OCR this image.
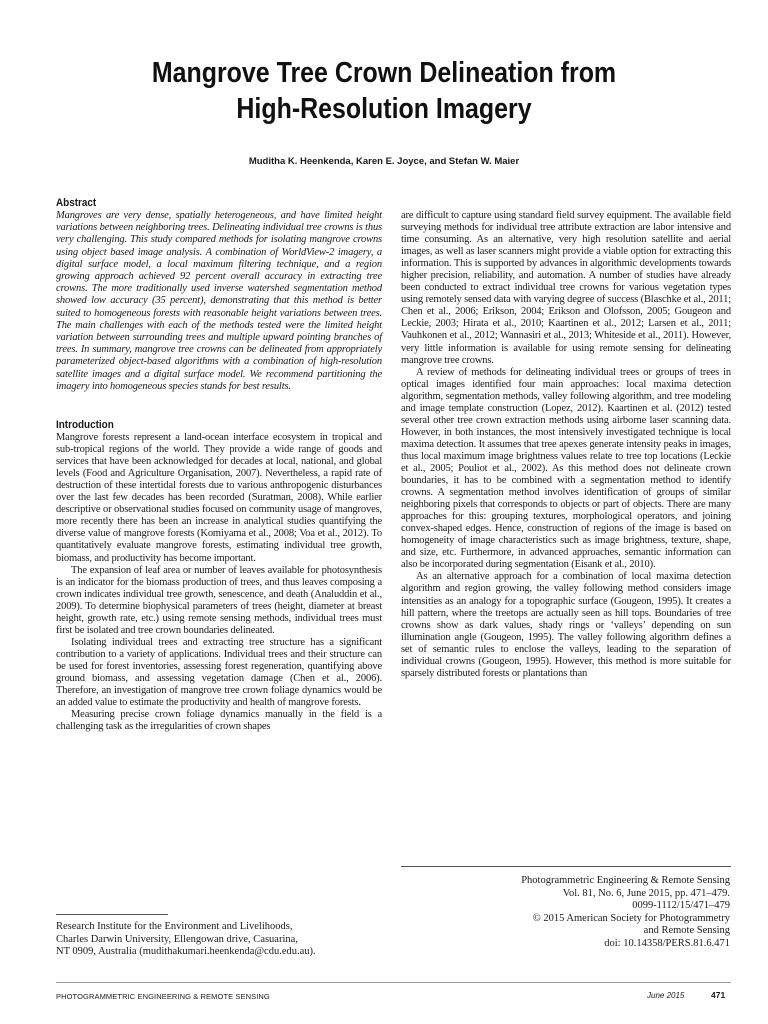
Mangrove Tree Crown Delineation from
High-Resolution Imagery
Muditha K. Heenkenda, Karen E. Joyce, and Stefan W. Maier
Abstract

Mangroves are very dense, spatially heterogeneous, and have limited height variations between neighboring trees. Delineating individual tree crowns is thus very challenging. This study compared methods for isolating mangrove crowns using object based image analysis. A combination of WorldView-2 imagery, a digital surface model, a local maximum filtering technique, and a region growing approach achieved 92 percent overall accuracy in extracting tree crowns. The more traditionally used inverse watershed segmentation method showed low accuracy (35 percent), demonstrating that this method is better suited to homogeneous forests with reasonable height variations between trees. The main challenges with each of the methods tested were the limited height variation between surrounding trees and multiple upward pointing branches of trees. In summary, mangrove tree crowns can be delineated from appropriately parameterized object-based algorithms with a combination of high-resolution satellite images and a digital surface model. We recommend partitioning the imagery into homogeneous species stands for best results.

Introduction

Mangrove forests represent a land-ocean interface ecosystem in tropical and sub-tropical regions of the world. They provide a wide range of goods and services that have been acknowledged for decades at local, national, and global levels (Food and Agriculture Organisation, 2007). Nevertheless, a rapid rate of destruction of these intertidal forests due to various anthropogenic disturbances over the last few decades has been recorded (Suratman, 2008). While earlier descriptive or observational studies focused on community usage of mangroves, more recently there has been an increase in analytical studies quantifying the diverse value of mangrove forests (Komiyama et al., 2008; Voa et al., 2012). To quantitatively evaluate mangrove forests, estimating individual tree growth, biomass, and productivity has become important.

The expansion of leaf area or number of leaves available for photosynthesis is an indicator for the biomass production of trees, and thus leaves composing a crown indicates individual tree growth, senescence, and death (Analuddin et al., 2009). To determine biophysical parameters of trees (height, diameter at breast height, growth rate, etc.) using remote sensing methods, individual trees must first be isolated and tree crown boundaries delineated.

Isolating individual trees and extracting tree structure has a significant contribution to a variety of applications. Individual trees and their structure can be used for forest inventories, assessing forest regeneration, quantifying above ground biomass, and assessing vegetation damage (Chen et al., 2006). Therefore, an investigation of mangrove tree crown foliage dynamics would be an added value to estimate the productivity and health of mangrove forests.

Measuring precise crown foliage dynamics manually in the field is a challenging task as the irregularities of crown shapes

are difficult to capture using standard field survey equipment. The available field surveying methods for individual tree attribute extraction are labor intensive and time consuming. As an alternative, very high resolution satellite and aerial images, as well as laser scanners might provide a viable option for extracting this information. This is supported by advances in algorithmic developments towards higher precision, reliability, and automation. A number of studies have already been conducted to extract individual tree crowns for various vegetation types using remotely sensed data with varying degree of success (Blaschke et al., 2011; Chen et al., 2006; Erikson, 2004; Erikson and Olofsson, 2005; Gougeon and Leckie, 2003; Hirata et al., 2010; Kaartinen et al., 2012; Larsen et al., 2011; Vauhkonen et al., 2012; Wannasiri et al., 2013; Whiteside et al., 2011). However, very little information is available for using remote sensing for delineating mangrove tree crowns.

A review of methods for delineating individual trees or groups of trees in optical images identified four main approaches: local maxima detection algorithm, segmentation methods, valley following algorithm, and tree modeling and image template construction (Lopez, 2012). Kaartinen et al. (2012) tested several other tree crown extraction methods using airborne laser scanning data. However, in both instances, the most intensively investigated technique is local maxima detection. It assumes that tree apexes generate intensity peaks in images, thus local maximum image brightness values relate to tree top locations (Leckie et al., 2005; Pouliot et al., 2002). As this method does not delineate crown boundaries, it has to be combined with a segmentation method to identify crowns. A segmentation method involves identification of groups of similar neighboring pixels that corresponds to objects or part of objects. There are many approaches for this: grouping textures, morphological operators, and joining convex-shaped edges. Hence, construction of regions of the image is based on homogeneity of image characteristics such as image brightness, texture, shape, and size, etc. Furthermore, in advanced approaches, semantic information can also be incorporated during segmentation (Eisank et al., 2010).

As an alternative approach for a combination of local maxima detection algorithm and region growing, the valley following method considers image intensities as an analogy for a topographic surface (Gougeon, 1995). It creates a hill pattern, where the treetops are actually seen as hill tops. Boundaries of tree crowns show as dark values, shady rings or ‘valleys’ depending on sun illumination angle (Gougeon, 1995). The valley following algorithm defines a set of semantic rules to enclose the valleys, leading to the separation of individual crowns (Gougeon, 1995). However, this method is more suitable for sparsely distributed forests or plantations than

Research Institute for the Environment and Livelihoods,
Charles Darwin University, Ellengowan drive, Casuarina,
NT 0909, Australia (mudithakumari.heenkenda@cdu.edu.au).
Photogrammetric Engineering & Remote Sensing
Vol. 81, No. 6, June 2015, pp. 471–479.
0099-1112/15/471–479
© 2015 American Society for Photogrammetry
and Remote Sensing
doi: 10.14358/PERS.81.6.471
PHOTOGRAMMETRIC ENGINEERING & REMOTE SENSING	June 2015	471
